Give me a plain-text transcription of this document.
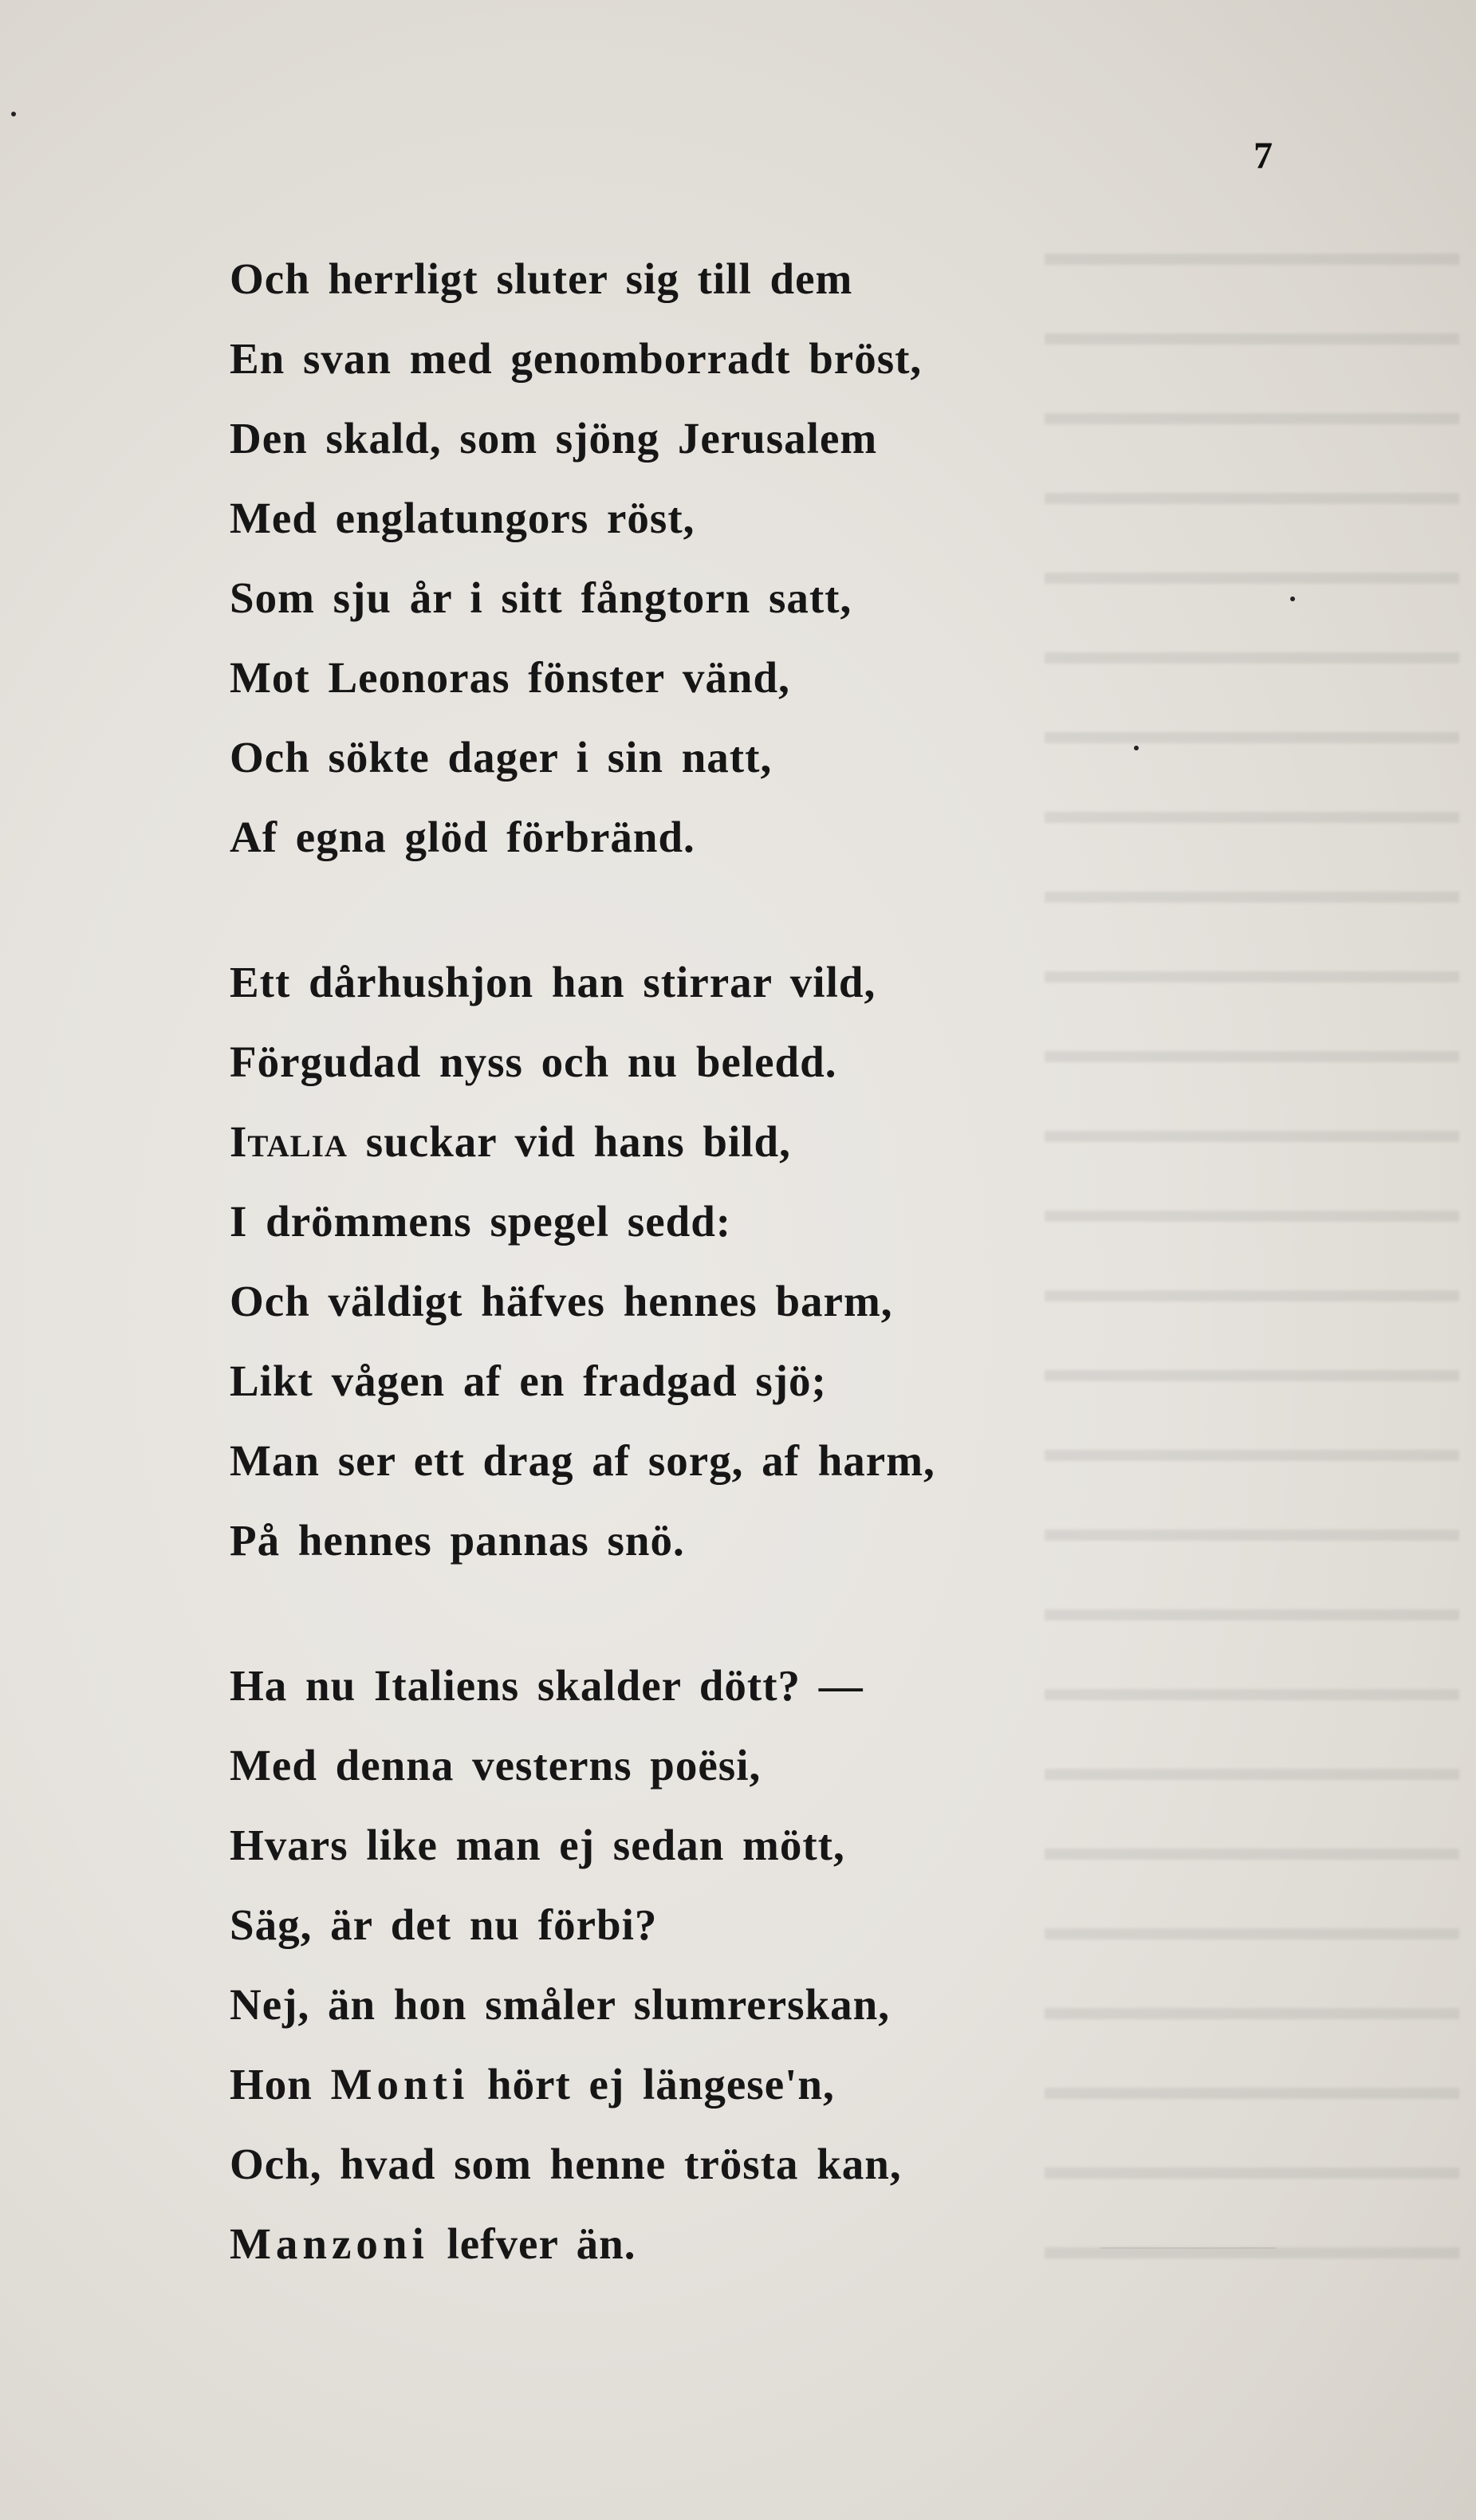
7
Och herrligt sluter sig till dem
En svan med genomborradt bröst,
Den skald, som sjöng Jerusalem
Med englatungors röst,
Som sju år i sitt fångtorn satt,
Mot Leonoras fönster vänd,
Och sökte dager i sin natt,
Af egna glöd förbränd.
Ett dårhushjon han stirrar vild,
Förgudad nyss och nu beledd.
Italia suckar vid hans bild,
I drömmens spegel sedd:
Och väldigt häfves hennes barm,
Likt vågen af en fradgad sjö;
Man ser ett drag af sorg, af harm,
På hennes pannas snö.
Ha nu Italiens skalder dött? —
Med denna vesterns poësi,
Hvars like man ej sedan mött,
Säg, är det nu förbi?
Nej, än hon småler slumrerskan,
Hon Monti hört ej längese'n,
Och, hvad som henne trösta kan,
Manzoni lefver än.
